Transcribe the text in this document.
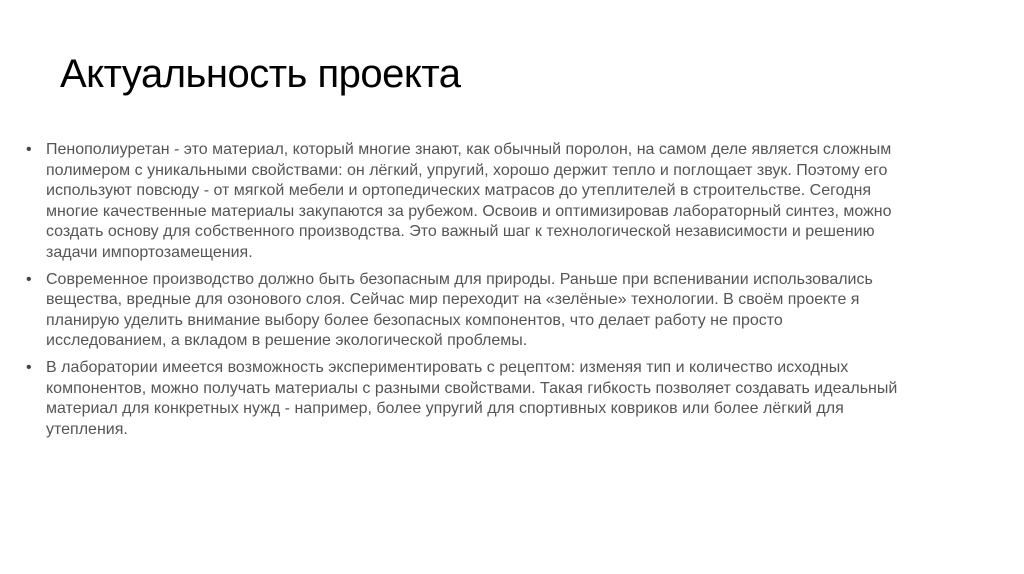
Актуальность проекта
• Пенополиуретан - это материал, который многие знают, как обычный поролон, на самом деле является сложным полимером с уникальными свойствами: он лёгкий, упругий, хорошо держит тепло и поглощает звук. Поэтому его используют повсюду - от мягкой мебели и ортопедических матрасов до утеплителей в строительстве. Сегодня многие качественные материалы закупаются за рубежом. Освоив и оптимизировав лабораторный синтез, можно создать основу для собственного производства. Это важный шаг к технологической независимости и решению задачи импортозамещения.
• Современное производство должно быть безопасным для природы. Раньше при вспенивании использовались вещества, вредные для озонового слоя. Сейчас мир переходит на «зелёные» технологии. В своём проекте я планирую уделить внимание выбору более безопасных компонентов, что делает работу не просто исследованием, а вкладом в решение экологической проблемы.
• В лаборатории имеется возможность экспериментировать с рецептом: изменяя тип и количество исходных компонентов, можно получать материалы с разными свойствами. Такая гибкость позволяет создавать идеальный материал для конкретных нужд - например, более упругий для спортивных ковриков или более лёгкий для утепления.
